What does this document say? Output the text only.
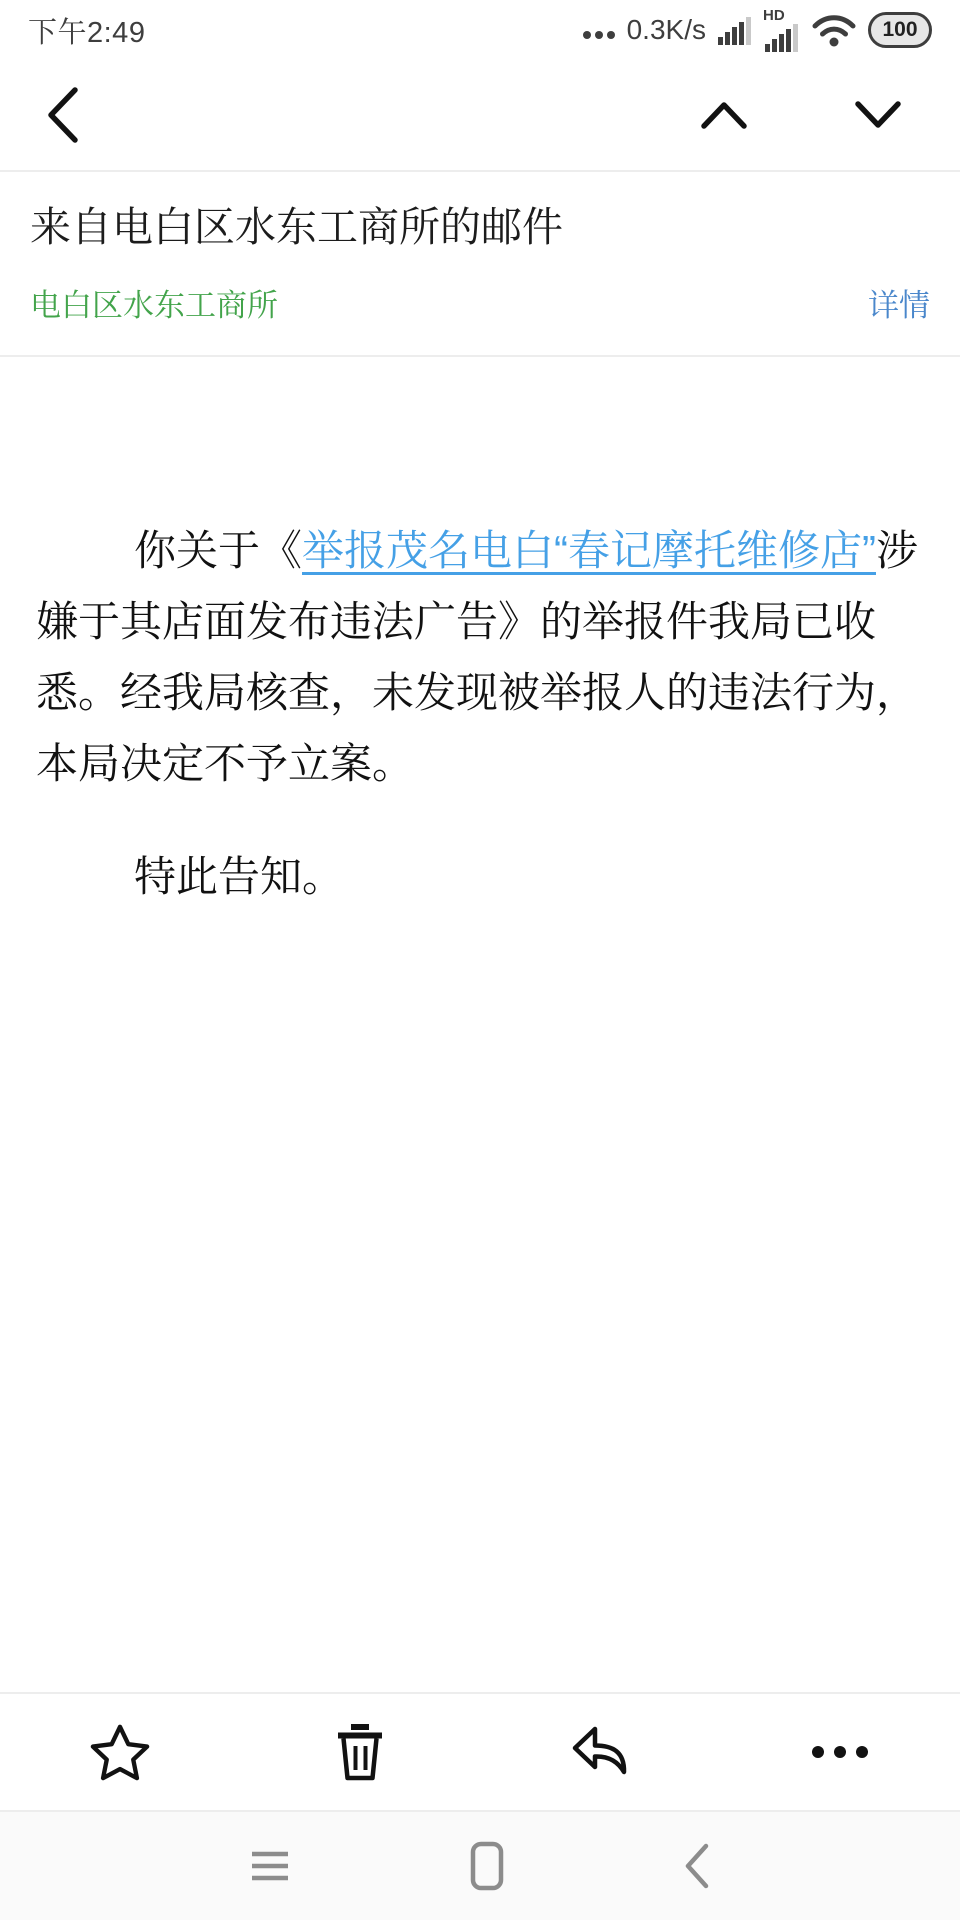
下午2:49	0.3K/s	HD
100
来自电白区水东工商所的邮件
电白区水东工商所	详情

你关于《举报茂名电白“春记摩托维修店”涉嫌于其店面发布违法广告》的举报件我局已收悉。经我局核查，未发现被举报人的违法行为，本局决定不予立案。

特此告知。
